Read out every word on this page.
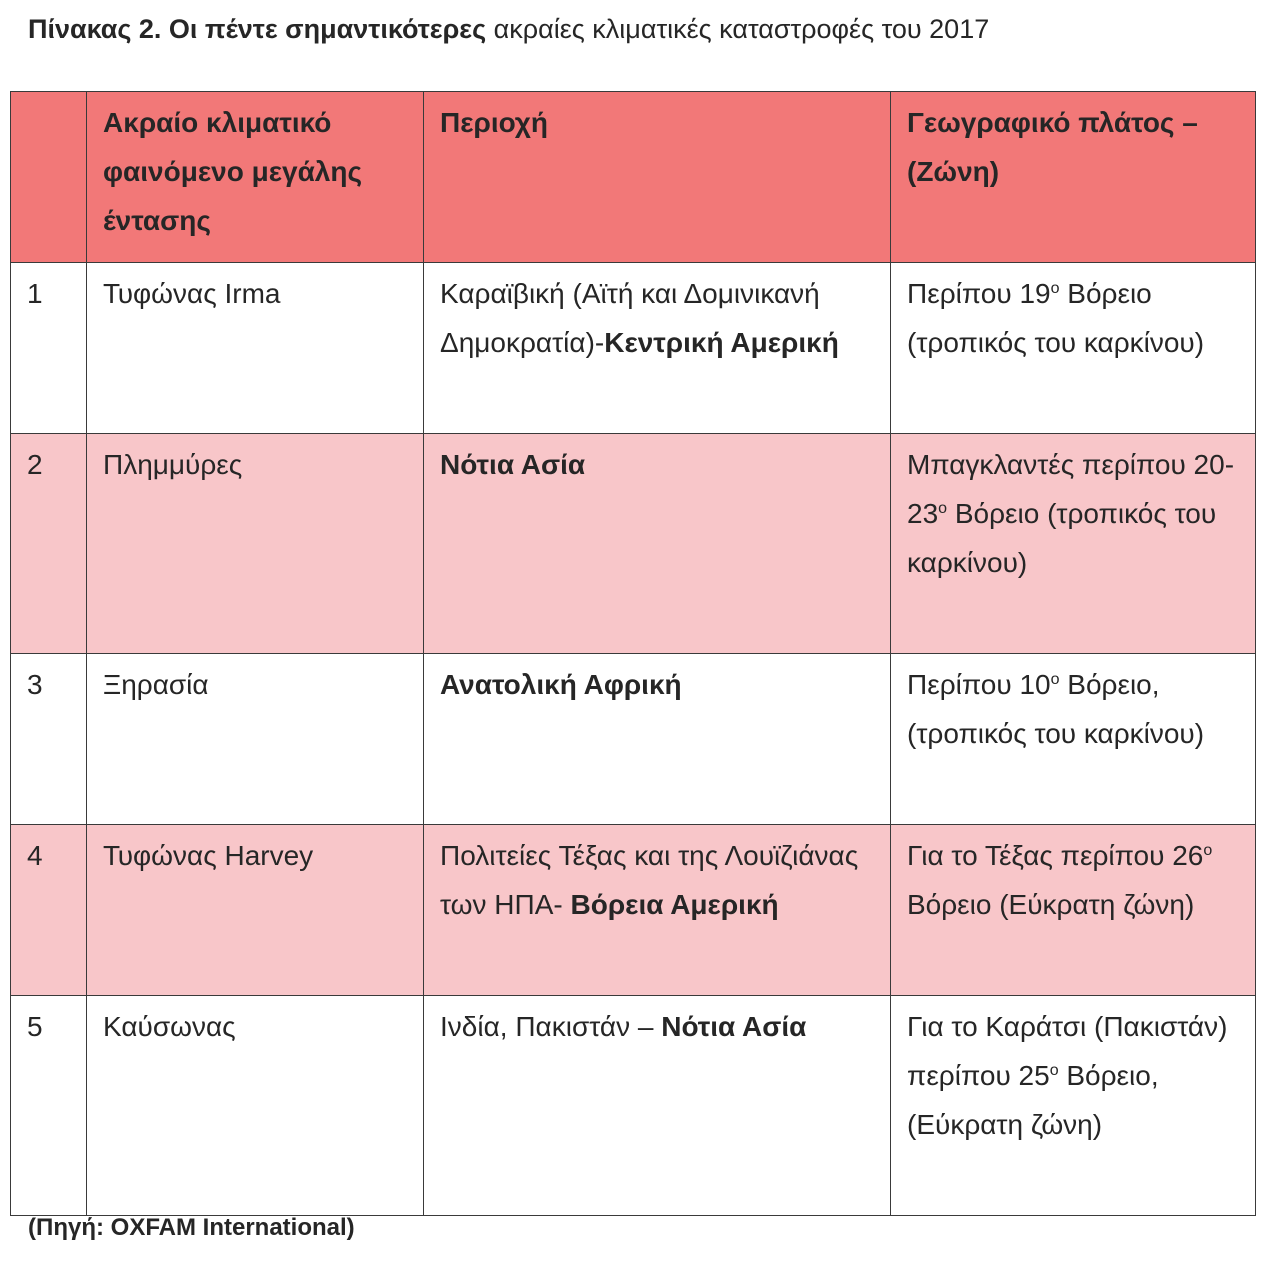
Πίνακας 2. Οι πέντε σημαντικότερες ακραίες κλιματικές καταστροφές του 2017

	Ακραίο κλιματικό φαινόμενο μεγάλης έντασης	Περιοχή	Γεωγραφικό πλάτος – (Ζώνη)
1	Τυφώνας Irma	Καραϊβική (Αϊτή και Δομινικανή Δημοκρατία)-Κεντρική Αμερική	Περίπου $19^o$ Βόρειο (τροπικός του καρκίνου)
2	Πλημμύρες	Νότια Ασία	Μπαγκλαντές περίπου $20-23^o$ Βόρειο (τροπικός του καρκίνου)
3	Ξηρασία	Ανατολική Αφρική	Περίπου $10^o$ Βόρειο, (τροπικός του καρκίνου)
4	Τυφώνας Harvey	Πολιτείες Τέξας και της Λουϊζιάνας των ΗΠΑ- Βόρεια Αμερική	Για το Τέξας περίπου $26^o$ Βόρειο (Εύκρατη ζώνη)
5	Καύσωνας	Ινδία, Πακιστάν – Νότια Ασία	Για το Καράτσι (Πακιστάν) περίπου $25^o$ Βόρειο, (Εύκρατη ζώνη)

(Πηγή: OXFAM International)
